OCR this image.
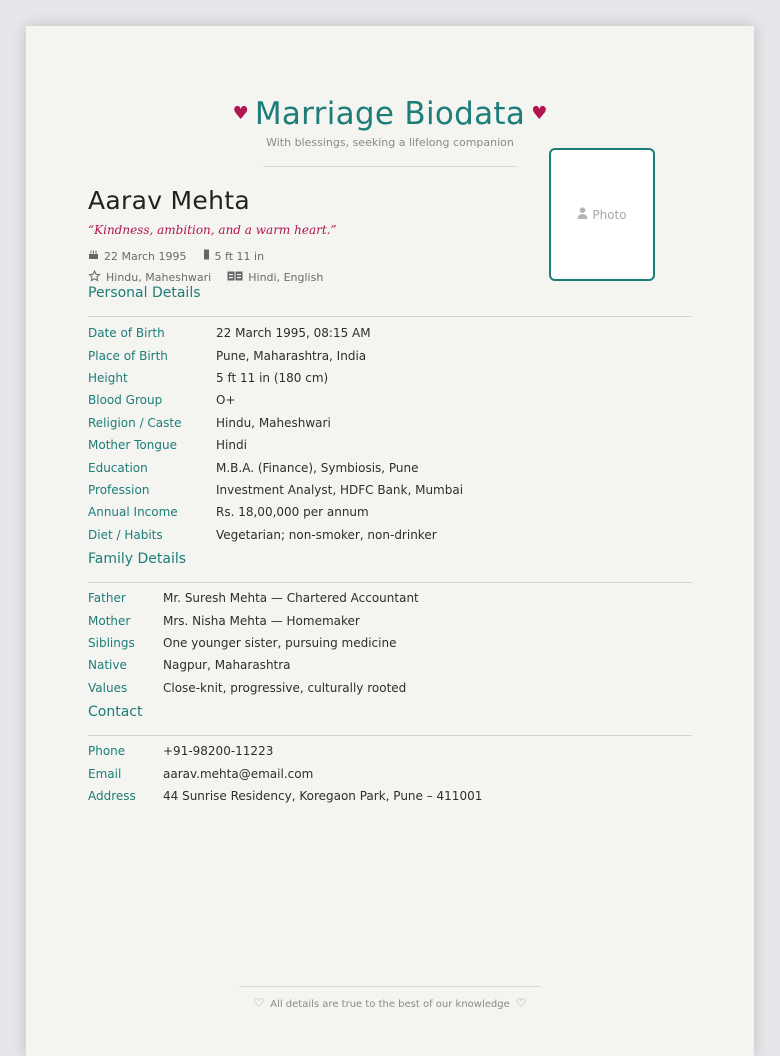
♥ Marriage Biodata ♥
With blessings, seeking a lifelong companion
Aarav Mehta
“Kindness, ambition, and a warm heart.”
22 March 1995	5 ft 11 in
Hindu, Maheshwari	Hindi, English
Photo
Personal Details
Date of Birth	22 March 1995, 08:15 AM
Place of Birth	Pune, Maharashtra, India
Height	5 ft 11 in (180 cm)
Blood Group	O+
Religion / Caste	Hindu, Maheshwari
Mother Tongue	Hindi
Education	M.B.A. (Finance), Symbiosis, Pune
Profession	Investment Analyst, HDFC Bank, Mumbai
Annual Income	Rs. 18,00,000 per annum
Diet / Habits	Vegetarian; non-smoker, non-drinker
Family Details
Father	Mr. Suresh Mehta — Chartered Accountant
Mother	Mrs. Nisha Mehta — Homemaker
Siblings	One younger sister, pursuing medicine
Native	Nagpur, Maharashtra
Values	Close-knit, progressive, culturally rooted
Contact
Phone	+91-98200-11223
Email	aarav.mehta@email.com
Address	44 Sunrise Residency, Koregaon Park, Pune – 411001
♡ All details are true to the best of our knowledge ♡
